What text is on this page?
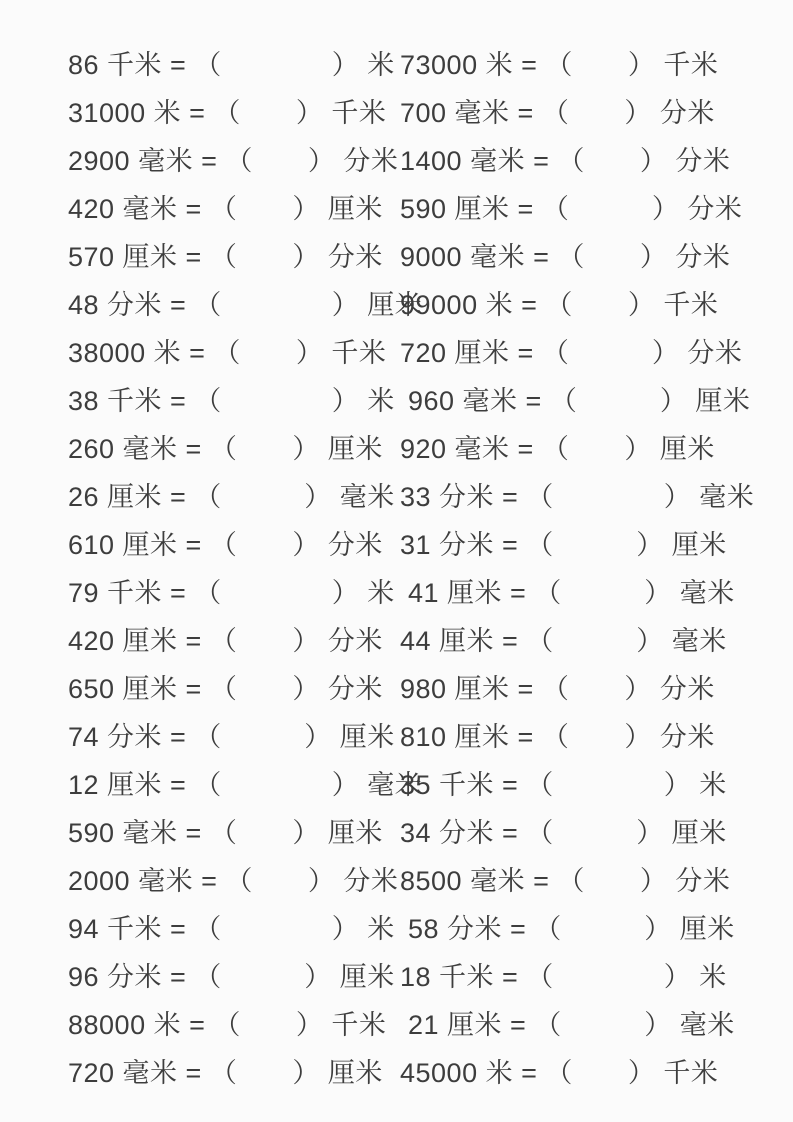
86 千米 = （　　　　） 米 73000 米 = （　　） 千米
31000 米 = （　　） 千米 700 毫米 = （　　） 分米
2900 毫米 = （　　） 分米 1400 毫米 = （　　） 分米
420 毫米 = （　　） 厘米 590 厘米 = （　　　） 分米
570 厘米 = （　　） 分米 9000 毫米 = （　　） 分米
48 分米 = （　　　　） 厘米
99000 米 = （　　） 千米
38000 米 = （　　） 千米 720 厘米 = （　　　） 分米
38 千米 = （　　　　） 米 960 毫米 = （　　　） 厘米
260 毫米 = （　　） 厘米 920 毫米 = （　　） 厘米
26 厘米 = （　　　） 毫米 33 分米 = （　　　　） 毫米
610 厘米 = （　　） 分米 31 分米 = （　　　） 厘米
79 千米 = （　　　　） 米 41 厘米 = （　　　） 毫米
420 厘米 = （　　） 分米 44 厘米 = （　　　） 毫米
650 厘米 = （　　） 分米 980 厘米 = （　　） 分米
74 分米 = （　　　） 厘米 810 厘米 = （　　） 分米
12 厘米 = （　　　　） 毫米
35 千米 = （　　　　） 米
590 毫米 = （　　） 厘米 34 分米 = （　　　） 厘米
2000 毫米 = （　　） 分米 8500 毫米 = （　　） 分米
94 千米 = （　　　　） 米 58 分米 = （　　　） 厘米
96 分米 = （　　　） 厘米 18 千米 = （　　　　） 米
88000 米 = （　　） 千米 21 厘米 = （　　　） 毫米
720 毫米 = （　　） 厘米 45000 米 = （　　） 千米
